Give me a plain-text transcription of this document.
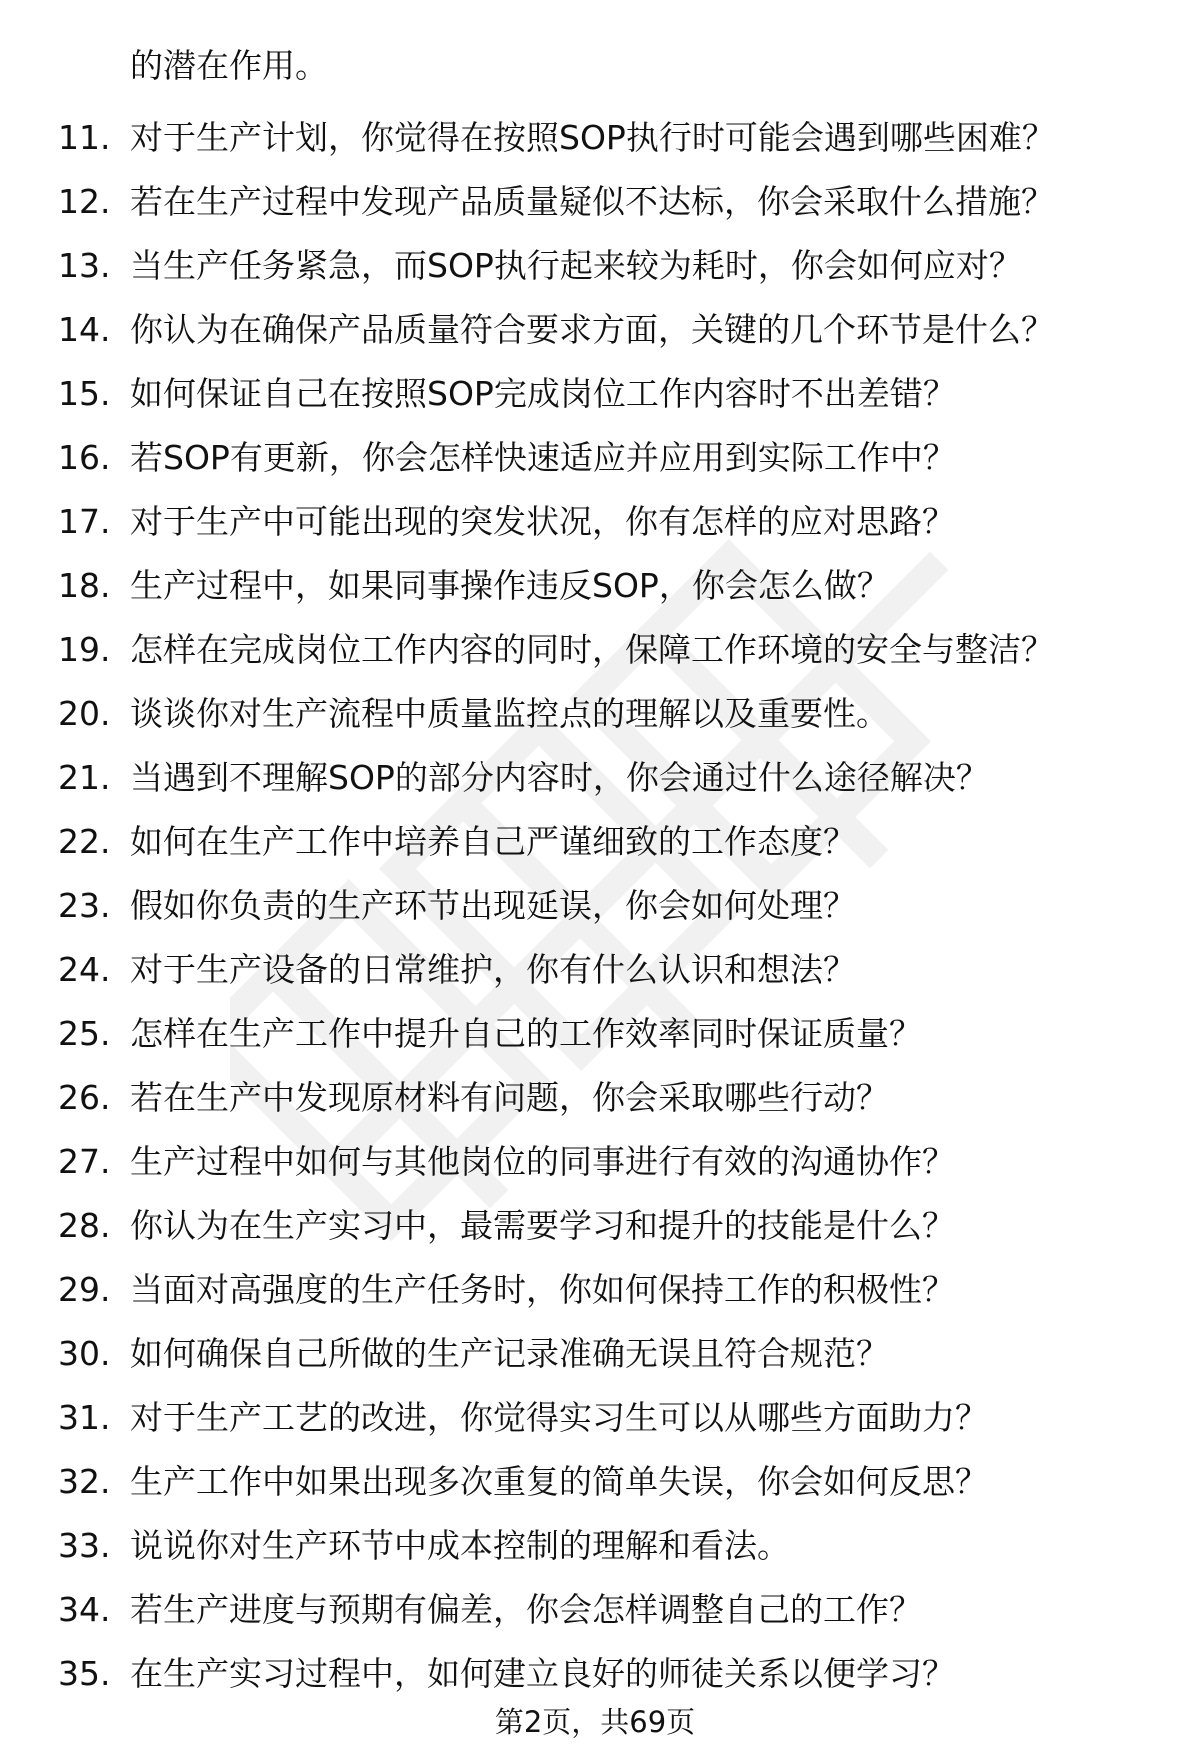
的潜在作用。
11. 对于生产计划，你觉得在按照SOP执行时可能会遇到哪些困难？
12. 若在生产过程中发现产品质量疑似不达标，你会采取什么措施？
13. 当生产任务紧急，而SOP执行起来较为耗时，你会如何应对？
14. 你认为在确保产品质量符合要求方面，关键的几个环节是什么？
15. 如何保证自己在按照SOP完成岗位工作内容时不出差错？
16. 若SOP有更新，你会怎样快速适应并应用到实际工作中？
17. 对于生产中可能出现的突发状况，你有怎样的应对思路？
18. 生产过程中，如果同事操作违反SOP，你会怎么做？
19. 怎样在完成岗位工作内容的同时，保障工作环境的安全与整洁？
20. 谈谈你对生产流程中质量监控点的理解以及重要性。
21. 当遇到不理解SOP的部分内容时，你会通过什么途径解决？
22. 如何在生产工作中培养自己严谨细致的工作态度？
23. 假如你负责的生产环节出现延误，你会如何处理？
24. 对于生产设备的日常维护，你有什么认识和想法？
25. 怎样在生产工作中提升自己的工作效率同时保证质量？
26. 若在生产中发现原材料有问题，你会采取哪些行动？
27. 生产过程中如何与其他岗位的同事进行有效的沟通协作？
28. 你认为在生产实习中，最需要学习和提升的技能是什么？
29. 当面对高强度的生产任务时，你如何保持工作的积极性？
30. 如何确保自己所做的生产记录准确无误且符合规范？
31. 对于生产工艺的改进，你觉得实习生可以从哪些方面助力？
32. 生产工作中如果出现多次重复的简单失误，你会如何反思？
33. 说说你对生产环节中成本控制的理解和看法。
34. 若生产进度与预期有偏差，你会怎样调整自己的工作？
35. 在生产实习过程中，如何建立良好的师徒关系以便学习？
第2页，共69页
